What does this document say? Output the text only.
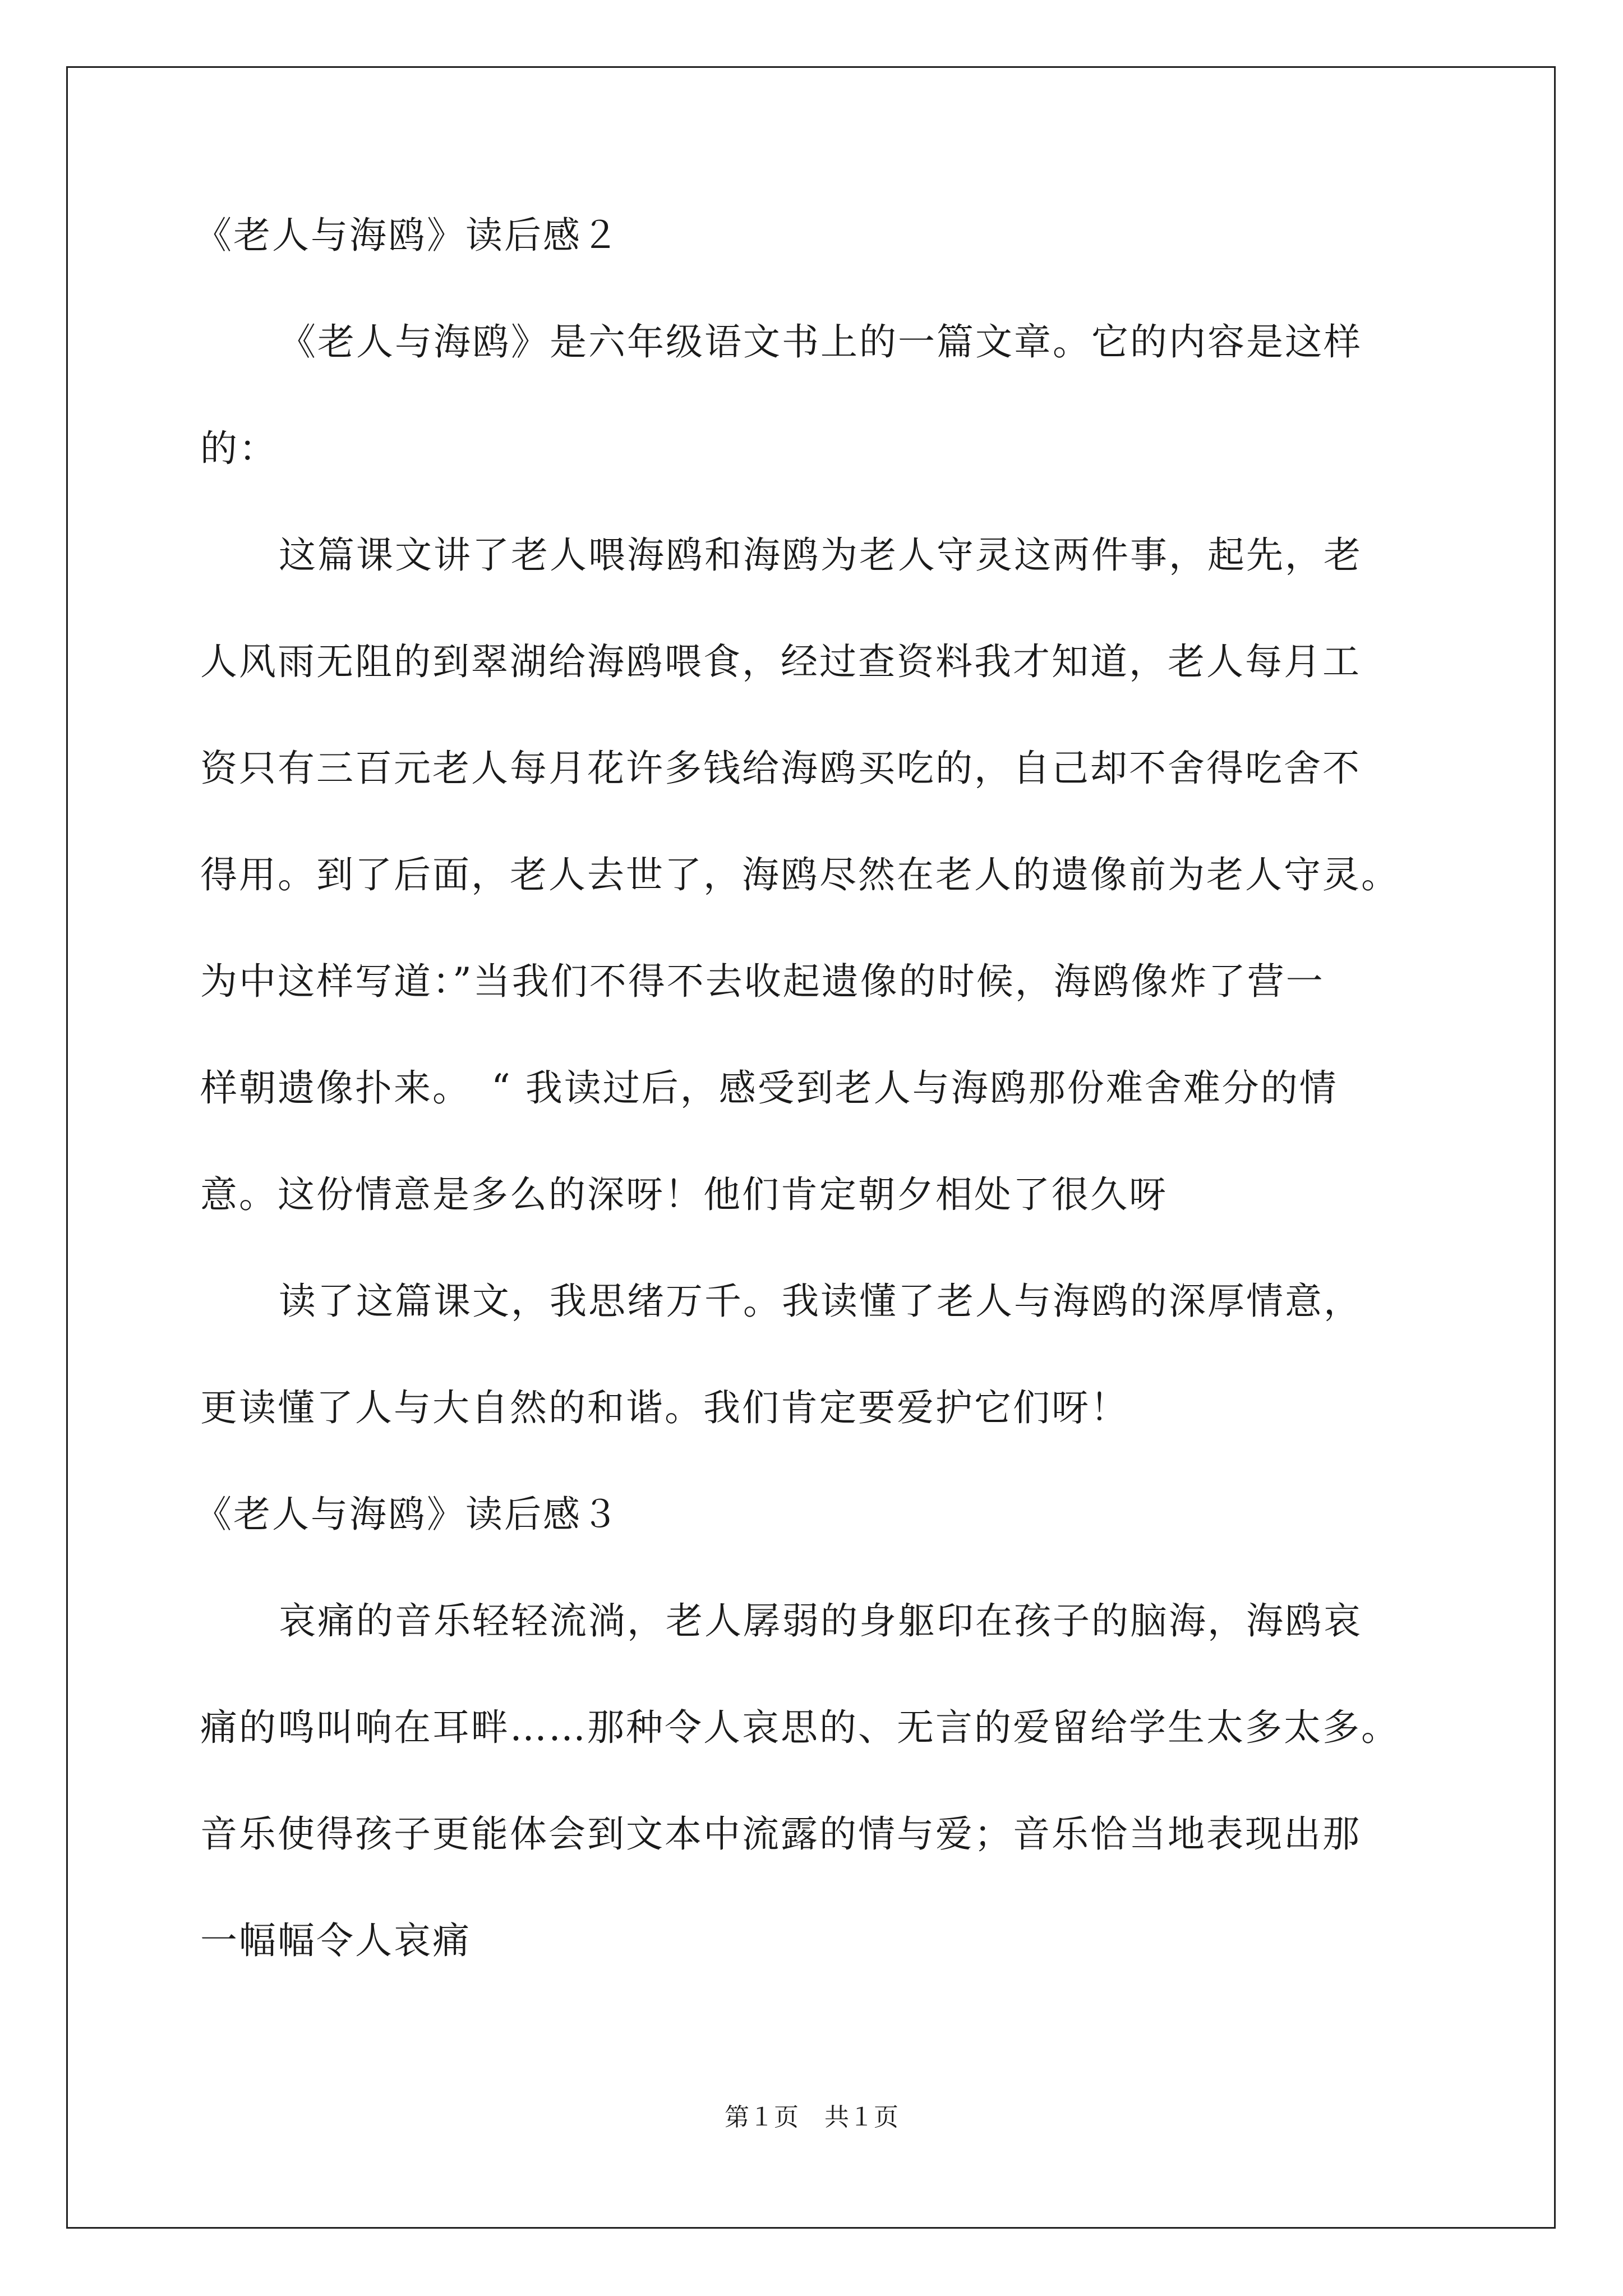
《老人与海鸥》读后感２
《老人与海鸥》是六年级语文书上的一篇文章。它的内容是这样
的：
这篇课文讲了老人喂海鸥和海鸥为老人守灵这两件事，起先，老
人风雨无阻的到翠湖给海鸥喂食，经过查资料我才知道，老人每月工
资只有三百元老人每月花许多钱给海鸥买吃的，自己却不舍得吃舍不
得用。到了后面，老人去世了，海鸥尽然在老人的遗像前为老人守灵。
为中这样写道：”当我们不得不去收起遗像的时候，海鸥像炸了营一
样朝遗像扑来。　“ 我读过后，感受到老人与海鸥那份难舍难分的情
意。这份情意是多么的深呀！他们肯定朝夕相处了很久呀
读了这篇课文，我思绪万千。我读懂了老人与海鸥的深厚情意，
更读懂了人与大自然的和谐。我们肯定要爱护它们呀！
《老人与海鸥》读后感３
哀痛的音乐轻轻流淌，老人孱弱的身躯印在孩子的脑海，海鸥哀
痛的鸣叫响在耳畔……那种令人哀思的、无言的爱留给学生太多太多。
音乐使得孩子更能体会到文本中流露的情与爱；音乐恰当地表现出那
一幅幅令人哀痛
第１页 共１页
